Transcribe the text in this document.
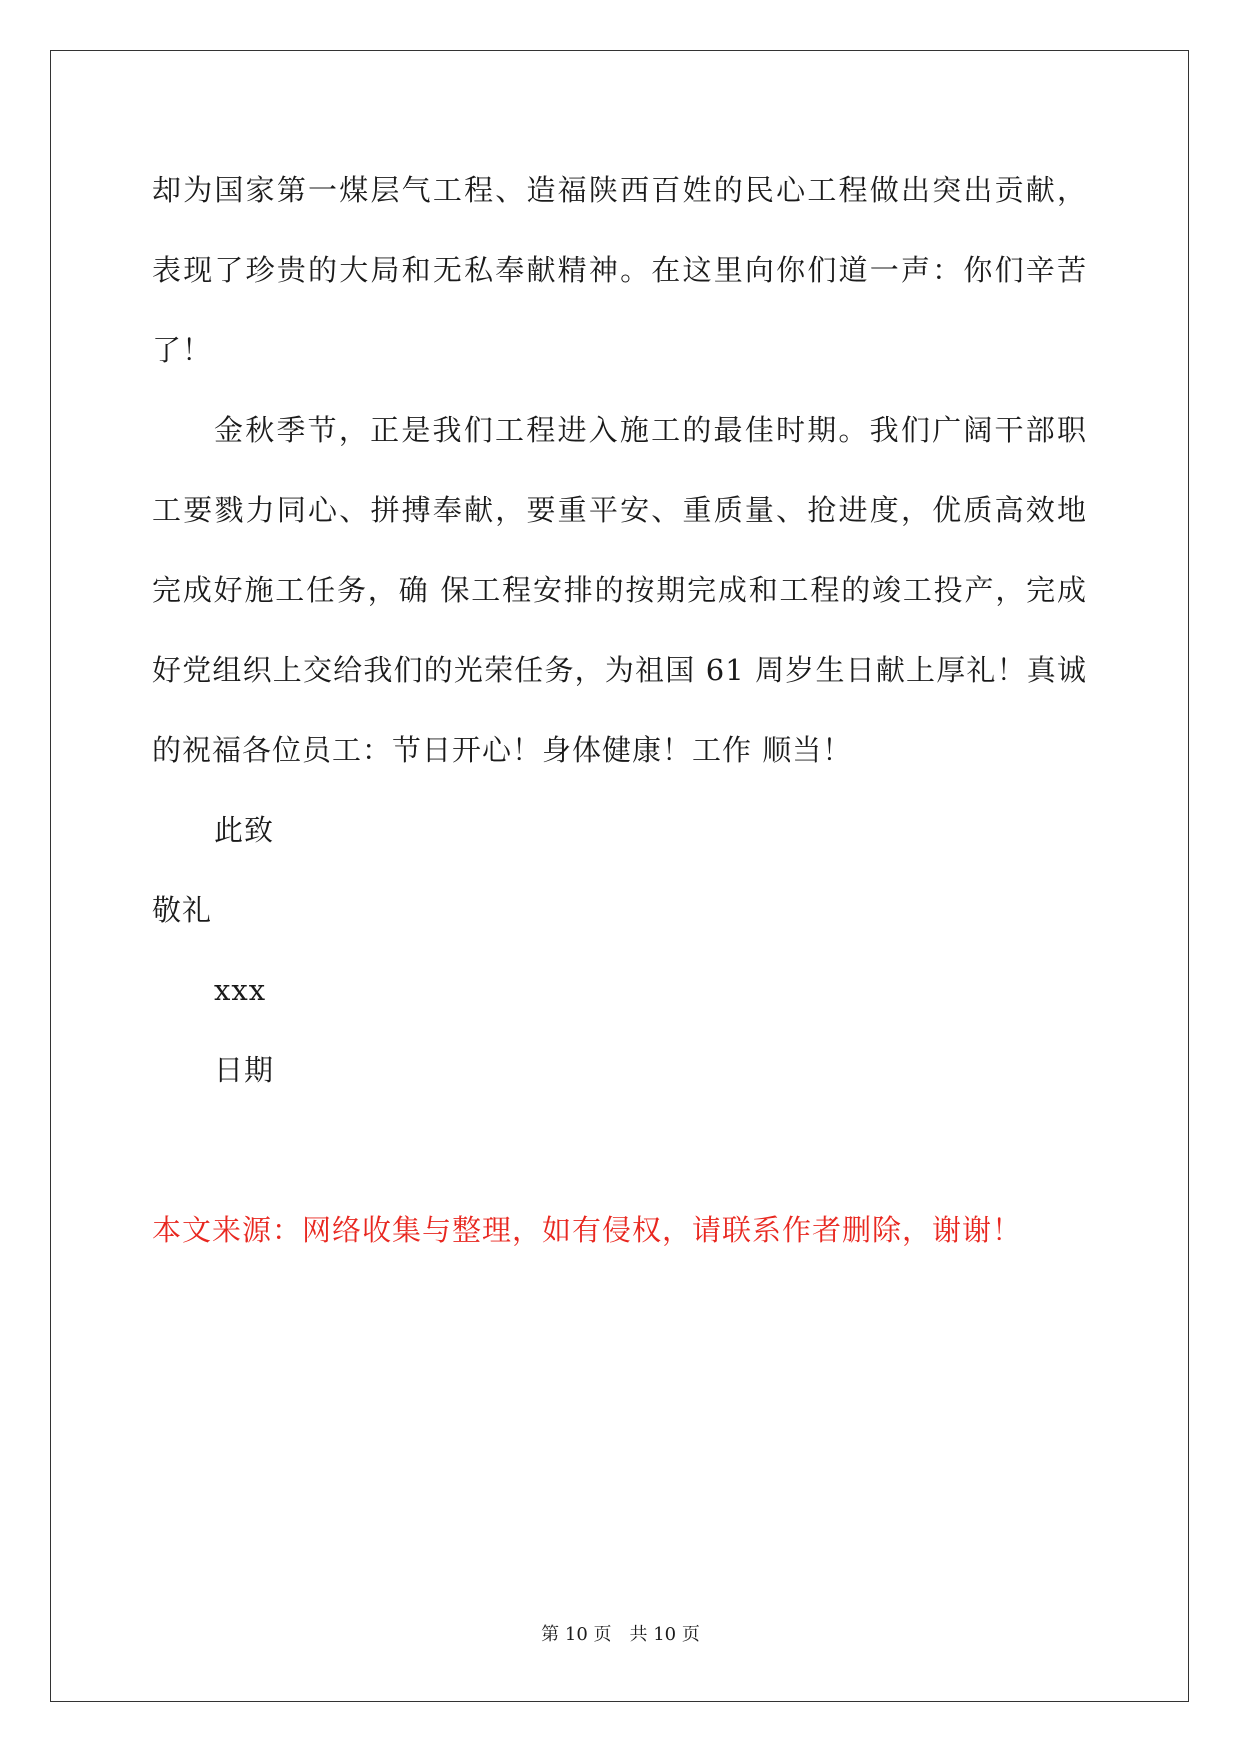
却为国家第一煤层气工程、造福陕西百姓的民心工程做出突出贡献，
表现了珍贵的大局和无私奉献精神。在这里向你们道一声：你们辛苦
了！
金秋季节，正是我们工程进入施工的最佳时期。我们广阔干部职
工要戮力同心、拼搏奉献，要重平安、重质量、抢进度，优质高效地
完成好施工任务，确 保工程安排的按期完成和工程的竣工投产，完成
好党组织上交给我们的光荣任务，为祖国 61 周岁生日献上厚礼！真诚
的祝福各位员工：节日开心！身体健康！工作 顺当！
此致
敬礼
xxx
日期
本文来源：网络收集与整理，如有侵权，请联系作者删除，谢谢！
第 10 页　共 10 页
